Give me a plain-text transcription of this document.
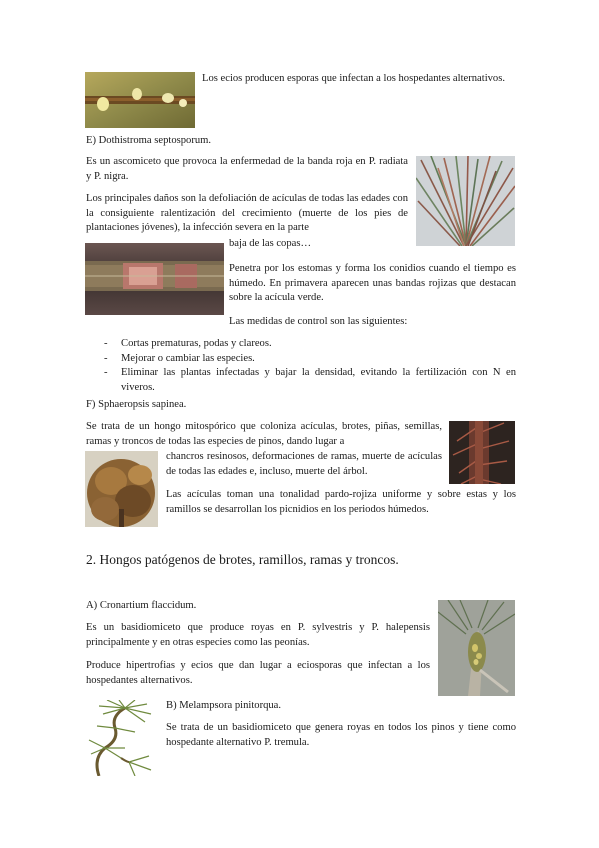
Los ecios producen esporas que infectan a los hospedantes alternativos.
E) Dothistroma septosporum.
Es un ascomiceto que provoca la enfermedad de la banda roja en P. radiata y P. nigra.
Los principales daños son la defoliación de acículas de todas las edades con la consiguiente ralentización del crecimiento (muerte de los pies de plantaciones jóvenes), la infección severa en la parte
baja de las copas…
Penetra por los estomas y forma los conidios cuando el tiempo es húmedo. En primavera aparecen unas bandas rojizas que destacan sobre la acícula verde.
Las medidas de control son las siguientes:
- Cortas prematuras, podas y clareos.
- Mejorar o cambiar las especies.
- Eliminar las plantas infectadas y bajar la densidad, evitando la fertilización con N en viveros.
F) Sphaeropsis sapinea.
Se trata de un hongo mitospórico que coloniza acículas, brotes, piñas, semillas, ramas y troncos de todas las especies de pinos, dando lugar a
chancros resinosos, deformaciones de ramas, muerte de acículas de todas las edades e, incluso, muerte del árbol.
Las acículas toman una tonalidad pardo-rojiza uniforme y sobre estas y los ramillos se desarrollan los picnidios en los periodos húmedos.
2. Hongos patógenos de brotes, ramillos, ramas y troncos.
A) Cronartium flaccidum.
Es un basidiomiceto que produce royas en P. sylvestris y P. halepensis principalmente y en otras especies como las peonías.
Produce hipertrofias y ecios que dan lugar a eciosporas que infectan a los hospedantes alternativos.
B) Melampsora pinitorqua.
Se trata de un basidiomiceto que genera royas en todos los pinos y tiene como hospedante alternativo P. tremula.
